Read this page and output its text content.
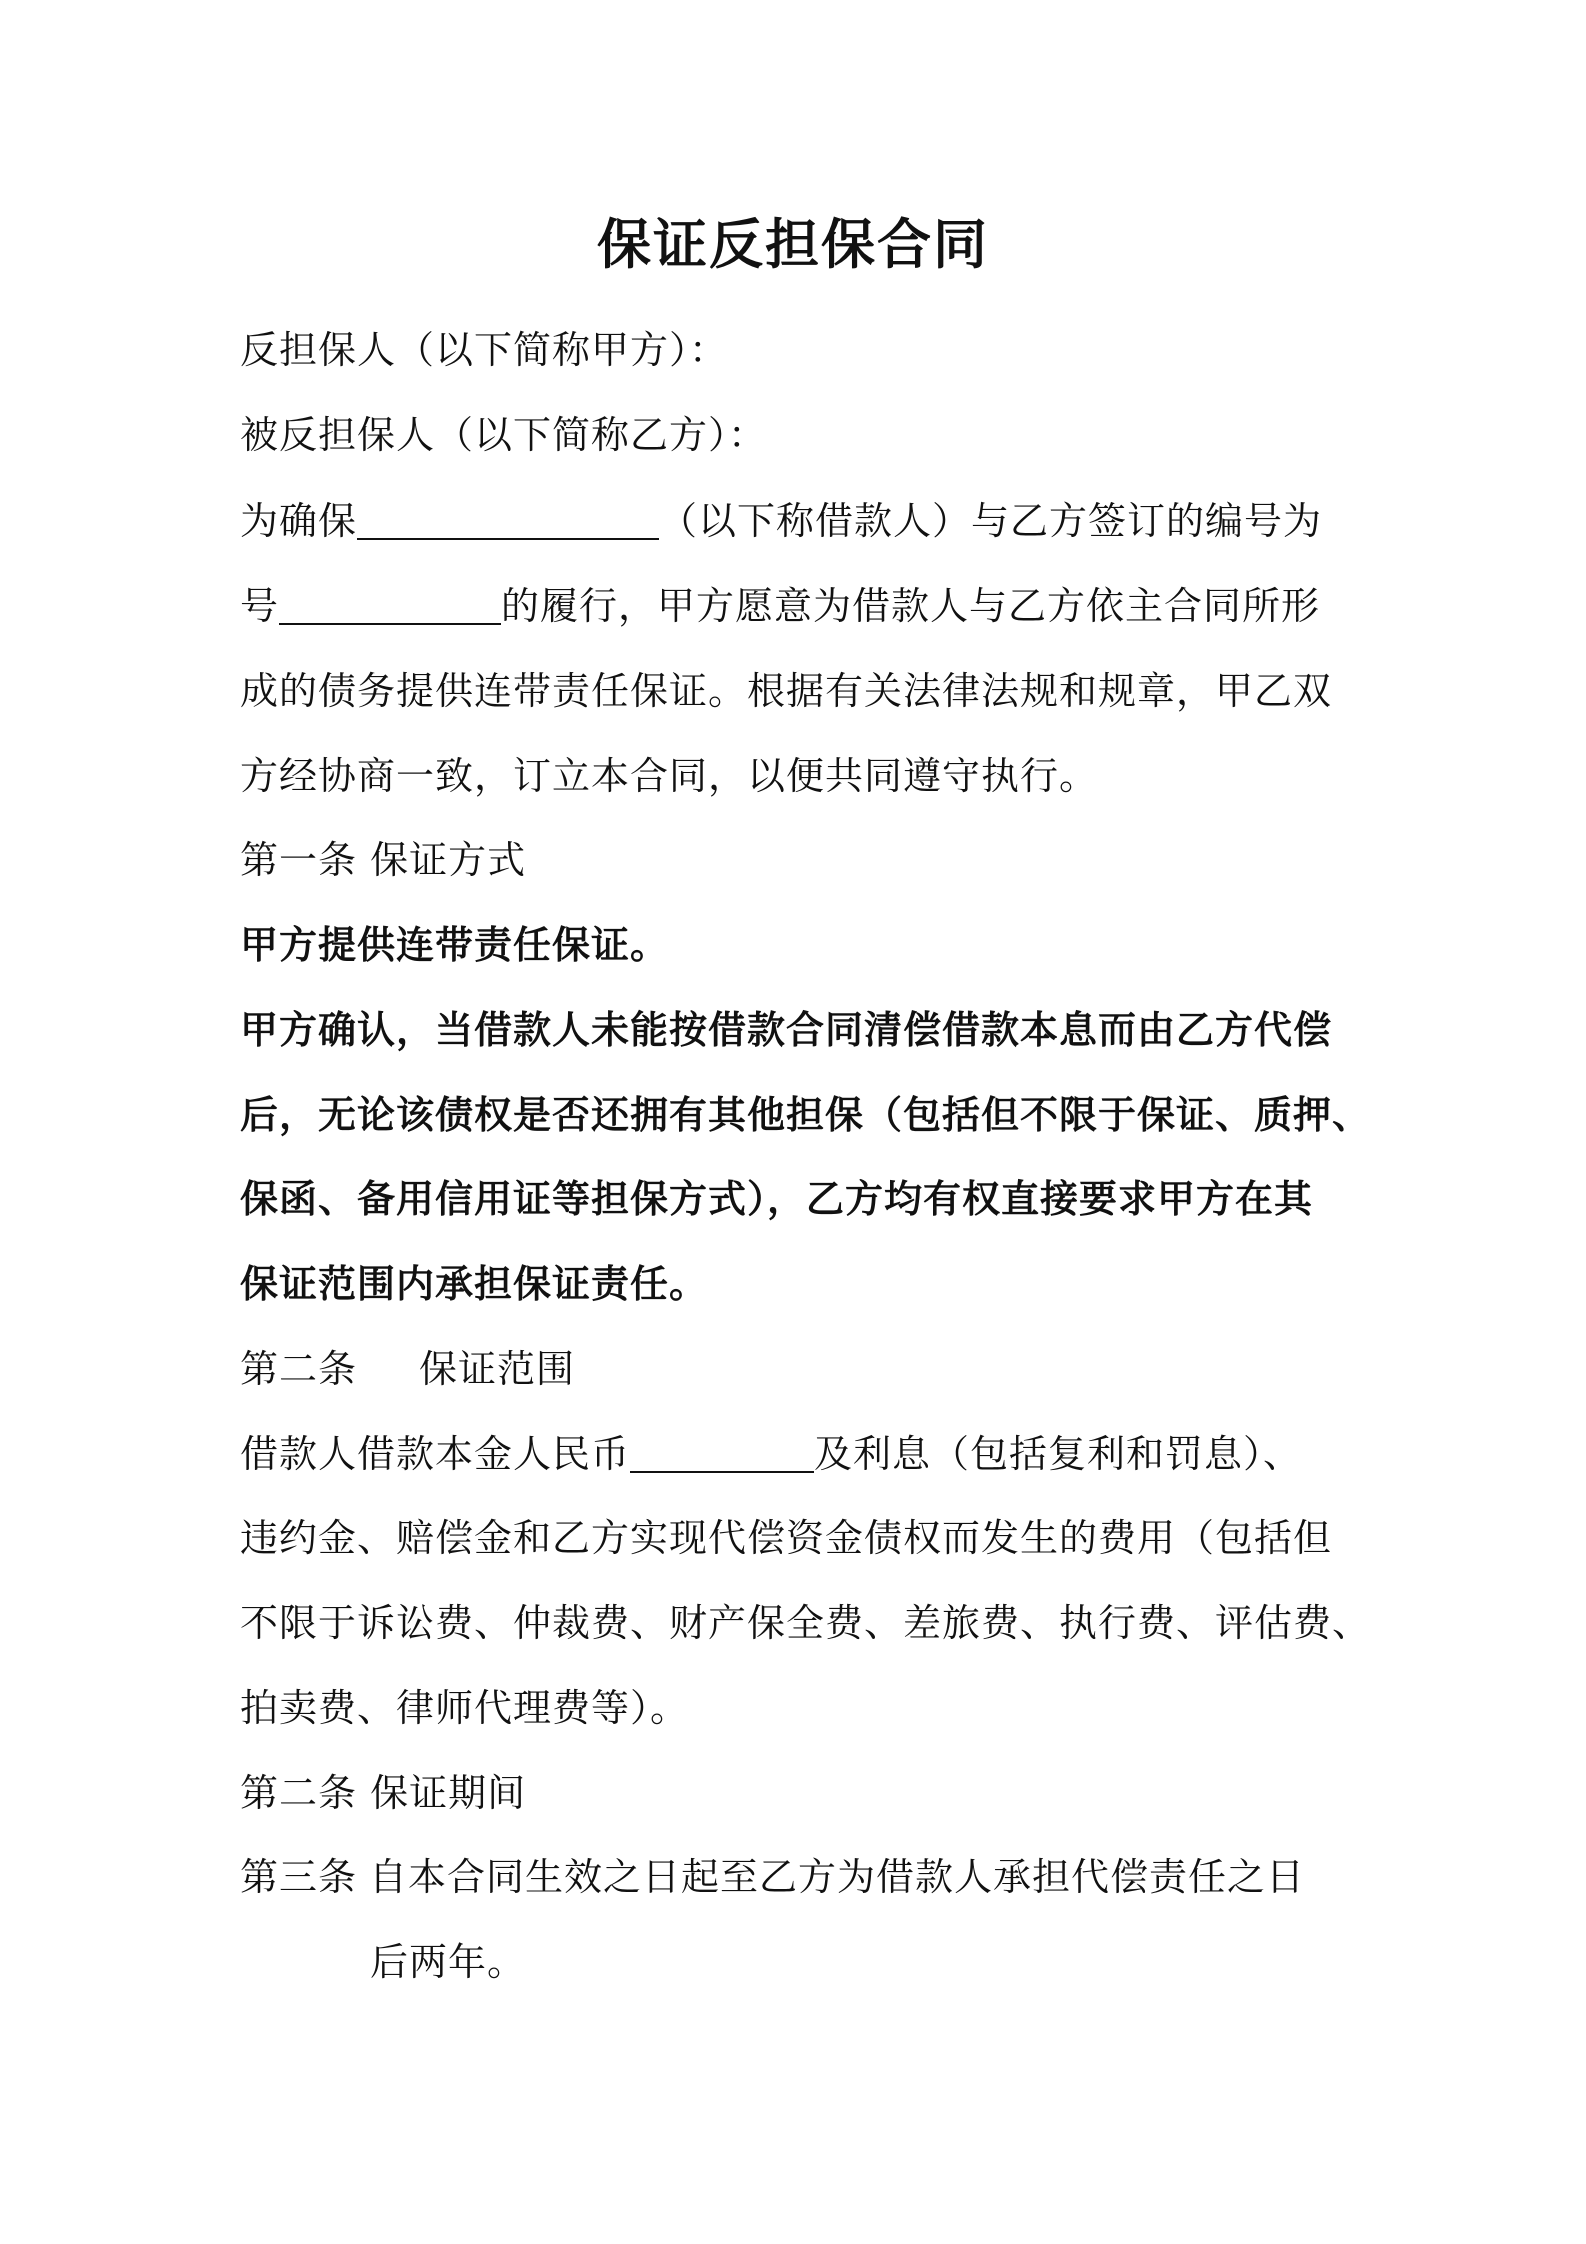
保证反担保合同
反担保人（以下简称甲方）：
被反担保人（以下简称乙方）：
为确保	（以下称借款人）与乙方签订的编号为
号	的履行，甲方愿意为借款人与乙方依主合同所形
成的债务提供连带责任保证。根据有关法律法规和规章，甲乙双
方经协商一致，订立本合同，以便共同遵守执行。
第一条 保证方式
甲方提供连带责任保证。
甲方确认，当借款人未能按借款合同清偿借款本息而由乙方代偿
后，无论该债权是否还拥有其他担保（包括但不限于保证、质押、
保函、备用信用证等担保方式），乙方均有权直接要求甲方在其
保证范围内承担保证责任。
第二条 保证范围
借款人借款本金人民币	及利息（包括复利和罚息）、
违约金、赔偿金和乙方实现代偿资金债权而发生的费用（包括但
不限于诉讼费、仲裁费、财产保全费、差旅费、执行费、评估费、
拍卖费、律师代理费等）。
第二条 保证期间
第三条 自本合同生效之日起至乙方为借款人承担代偿责任之日
后两年。
